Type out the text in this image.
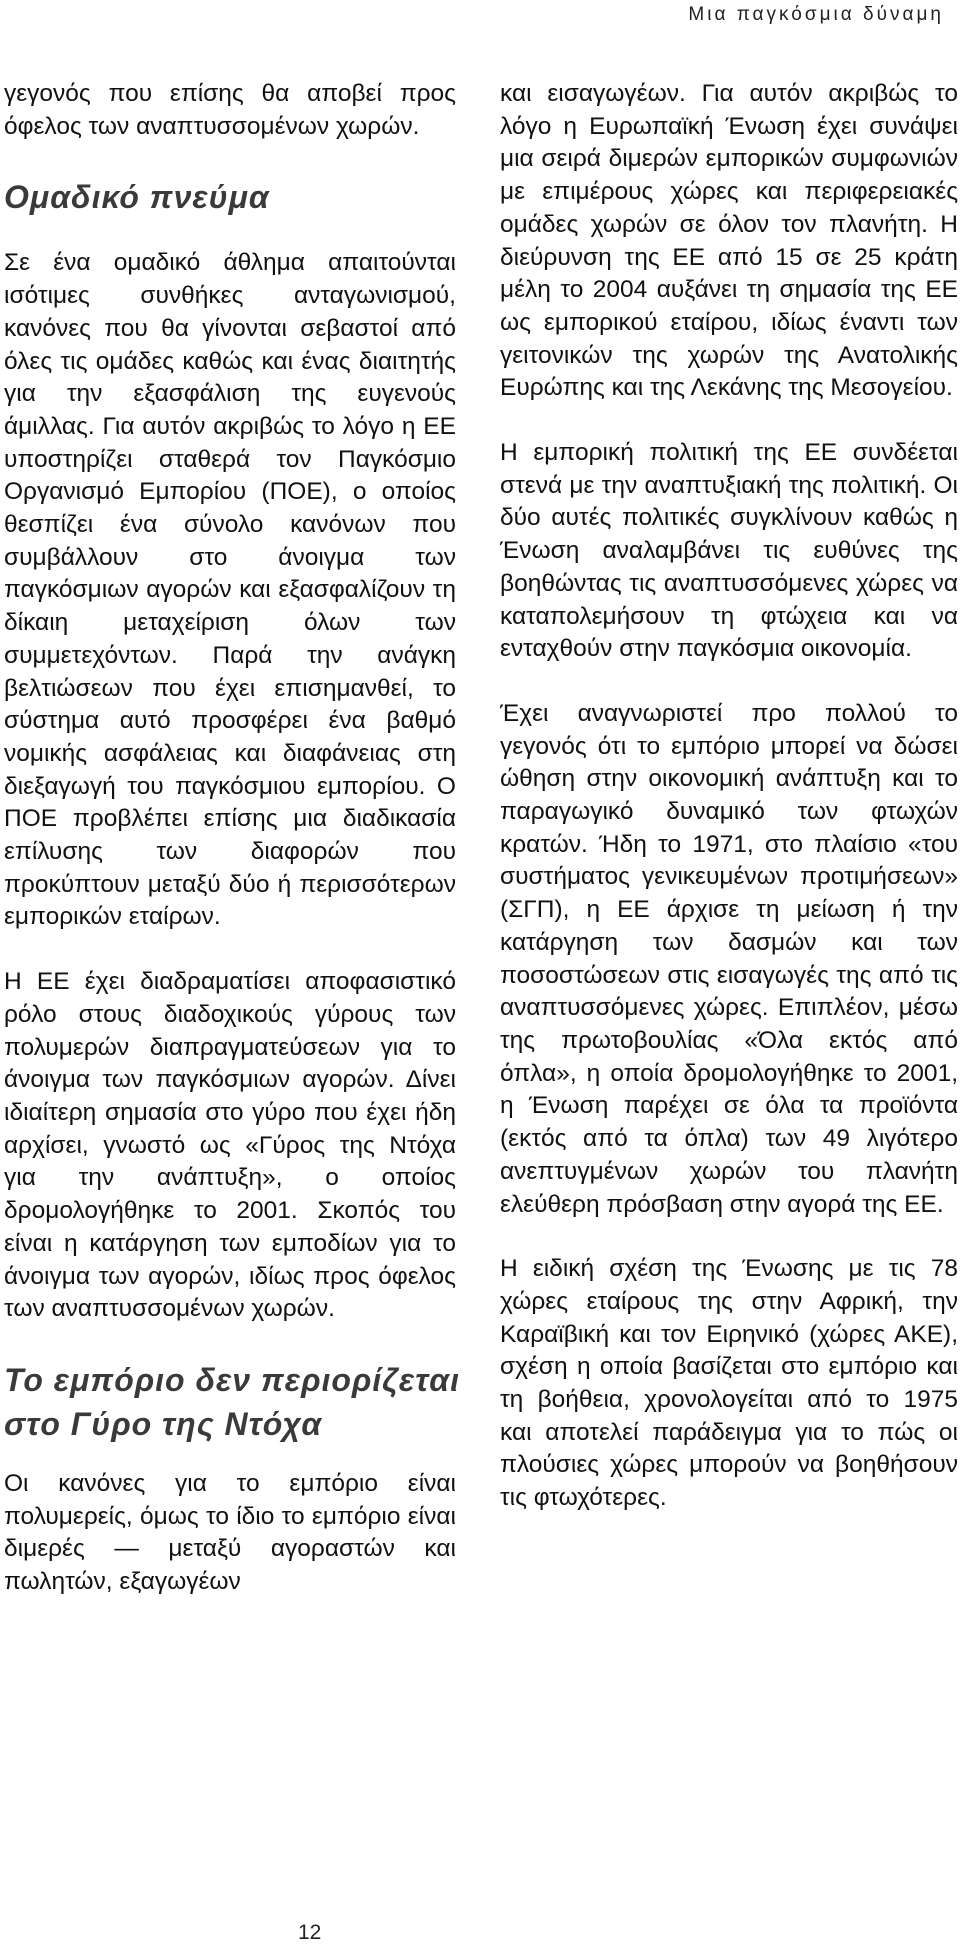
Μια παγκόσμια δύναμη

γεγονός που επίσης θα αποβεί προς όφελος των αναπτυσσομένων χωρών.

Ομαδικό πνεύμα

Σε ένα ομαδικό άθλημα απαιτούνται ισότιμες συνθήκες ανταγωνισμού, κανόνες που θα γίνονται σεβαστοί από όλες τις ομάδες καθώς και ένας διαιτητής για την εξασφάλιση της ευγενούς άμιλλας. Για αυτόν ακριβώς το λόγο η ΕΕ υποστηρίζει σταθερά τον Παγκόσμιο Οργανισμό Εμπορίου (ΠΟΕ), ο οποίος θεσπίζει ένα σύνολο κανόνων που συμβάλλουν στο άνοιγμα των παγκόσμιων αγορών και εξασφαλίζουν τη δίκαιη μεταχείριση όλων των συμμετεχόντων. Παρά την ανάγκη βελτιώσεων που έχει επισημανθεί, το σύστημα αυτό προσφέρει ένα βαθμό νομικής ασφάλειας και διαφάνειας στη διεξαγωγή του παγκόσμιου εμπορίου. Ο ΠΟΕ προβλέπει επίσης μια διαδικασία επίλυσης των διαφορών που προκύπτουν μεταξύ δύο ή περισσότερων εμπορικών εταίρων.

Η ΕΕ έχει διαδραματίσει αποφασιστικό ρόλο στους διαδοχικούς γύρους των πολυμερών διαπραγματεύσεων για το άνοιγμα των παγκόσμιων αγορών. Δίνει ιδιαίτερη σημασία στο γύρο που έχει ήδη αρχίσει, γνωστό ως «Γύρος της Ντόχα για την ανάπτυξη», ο οποίος δρομολογήθηκε το 2001. Σκοπός του είναι η κατάργηση των εμποδίων για το άνοιγμα των αγορών, ιδίως προς όφελος των αναπτυσσομένων χωρών.

Το εμπόριο δεν περιορίζεται στο Γύρο της Ντόχα

Οι κανόνες για το εμπόριο είναι πολυμερείς, όμως το ίδιο το εμπόριο είναι διμερές — μεταξύ αγοραστών και πωλητών, εξαγωγέων

και εισαγωγέων. Για αυτόν ακριβώς το λόγο η Ευρωπαϊκή Ένωση έχει συνάψει μια σειρά διμερών εμπορικών συμφωνιών με επιμέρους χώρες και περιφερειακές ομάδες χωρών σε όλον τον πλανήτη. Η διεύρυνση της ΕΕ από 15 σε 25 κράτη μέλη το 2004 αυξάνει τη σημασία της ΕΕ ως εμπορικού εταίρου, ιδίως έναντι των γειτονικών της χωρών της Ανατολικής Ευρώπης και της Λεκάνης της Μεσογείου.

Η εμπορική πολιτική της ΕΕ συνδέεται στενά με την αναπτυξιακή της πολιτική. Οι δύο αυτές πολιτικές συγκλίνουν καθώς η Ένωση αναλαμβάνει τις ευθύνες της βοηθώντας τις αναπτυσσόμενες χώρες να καταπολεμήσουν τη φτώχεια και να ενταχθούν στην παγκόσμια οικονομία.

Έχει αναγνωριστεί προ πολλού το γεγονός ότι το εμπόριο μπορεί να δώσει ώθηση στην οικονομική ανάπτυξη και το παραγωγικό δυναμικό των φτωχών κρατών. Ήδη το 1971, στο πλαίσιο «του συστήματος γενικευμένων προτιμήσεων» (ΣΓΠ), η ΕΕ άρχισε τη μείωση ή την κατάργηση των δασμών και των ποσοστώσεων στις εισαγωγές της από τις αναπτυσσόμενες χώρες. Επιπλέον, μέσω της πρωτοβουλίας «Όλα εκτός από όπλα», η οποία δρομολογήθηκε το 2001, η Ένωση παρέχει σε όλα τα προϊόντα (εκτός από τα όπλα) των 49 λιγότερο ανεπτυγμένων χωρών του πλανήτη ελεύθερη πρόσβαση στην αγορά της ΕΕ.

Η ειδική σχέση της Ένωσης με τις 78 χώρες εταίρους της στην Αφρική, την Καραϊβική και τον Ειρηνικό (χώρες ΑΚΕ), σχέση η οποία βασίζεται στο εμπόριο και τη βοήθεια, χρονολογείται από το 1975 και αποτελεί παράδειγμα για το πώς οι πλούσιες χώρες μπορούν να βοηθήσουν τις φτωχότερες.

12
